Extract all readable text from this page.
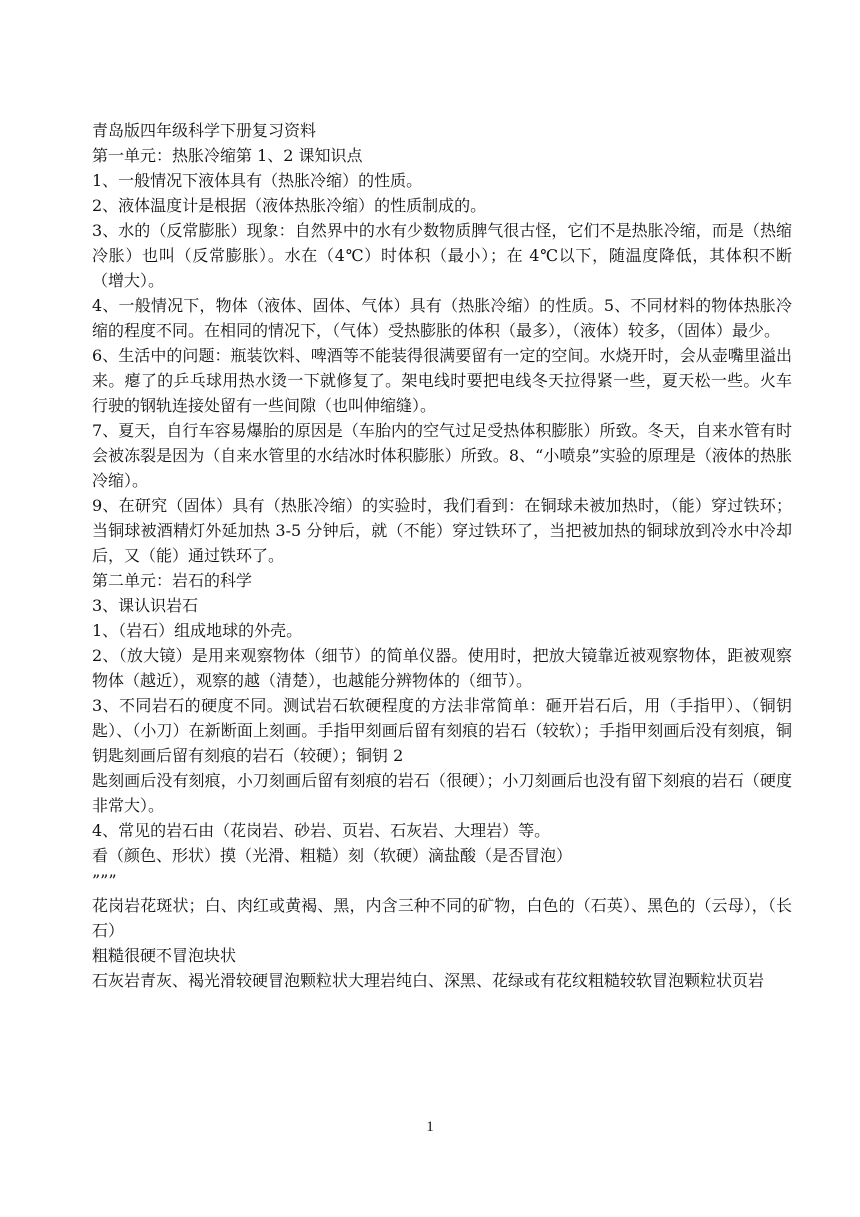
青岛版四年级科学下册复习资料

第一单元：热胀冷缩第 1、2 课知识点

1、一般情况下液体具有（热胀冷缩）的性质。

2、液体温度计是根据（液体热胀冷缩）的性质制成的。

3、水的（反常膨胀）现象：自然界中的水有少数物质脾气很古怪，它们不是热胀冷缩，而是（热缩冷胀）也叫（反常膨胀）。水在（4℃）时体积（最小）；在 4℃以下，随温度降低，其体积不断（增大）。

4、一般情况下，物体（液体、固体、气体）具有（热胀冷缩）的性质。5、不同材料的物体热胀冷缩的程度不同。在相同的情况下，（气体）受热膨胀的体积（最多），（液体）较多，（固体）最少。

6、生活中的问题：瓶装饮料、啤酒等不能装得很满要留有一定的空间。水烧开时，会从壶嘴里溢出来。瘪了的乒乓球用热水烫一下就修复了。架电线时要把电线冬天拉得紧一些，夏天松一些。火车行驶的钢轨连接处留有一些间隙（也叫伸缩缝）。

7、夏天，自行车容易爆胎的原因是（车胎内的空气过足受热体积膨胀）所致。冬天，自来水管有时会被冻裂是因为（自来水管里的水结冰时体积膨胀）所致。8、“小喷泉”实验的原理是（液体的热胀冷缩）。

9、在研究（固体）具有（热胀冷缩）的实验时，我们看到：在铜球未被加热时，（能）穿过铁环；当铜球被酒精灯外延加热 3-5 分钟后，就（不能）穿过铁环了，当把被加热的铜球放到冷水中冷却后，又（能）通过铁环了。

第二单元：岩石的科学

3、课认识岩石

1、（岩石）组成地球的外壳。

2、（放大镜）是用来观察物体（细节）的简单仪器。使用时，把放大镜靠近被观察物体，距被观察物体（越近），观察的越（清楚），也越能分辨物体的（细节）。

3、不同岩石的硬度不同。测试岩石软硬程度的方法非常简单：砸开岩石后，用（手指甲）、（铜钥匙）、（小刀）在新断面上刻画。手指甲刻画后留有刻痕的岩石（较软）；手指甲刻画后没有刻痕，铜钥匙刻画后留有刻痕的岩石（较硬）；铜钥 2

匙刻画后没有刻痕，小刀刻画后留有刻痕的岩石（很硬）；小刀刻画后也没有留下刻痕的岩石（硬度非常大）。

4、常见的岩石由（花岗岩、砂岩、页岩、石灰岩、大理岩）等。

看（颜色、形状）摸（光滑、粗糙）刻（软硬）滴盐酸（是否冒泡）

”””

花岗岩花斑状；白、肉红或黄褐、黑，内含三种不同的矿物，白色的（石英）、黑色的（云母），（长石）

粗糙很硬不冒泡块状

石灰岩青灰、褐光滑较硬冒泡颗粒状大理岩纯白、深黑、花绿或有花纹粗糙较软冒泡颗粒状页岩

1
